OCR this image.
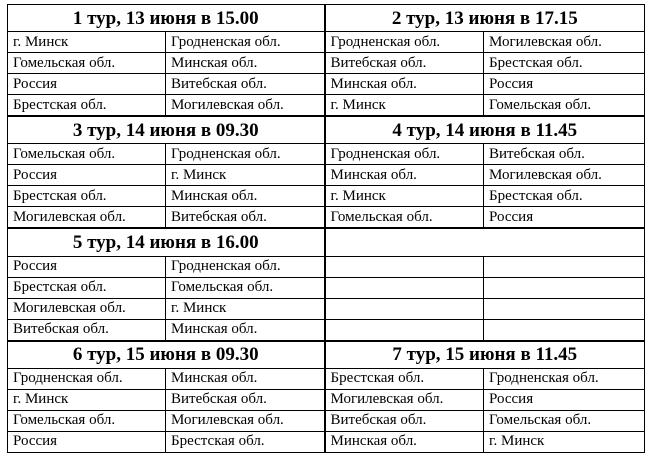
1 тур, 13 июня в 15.00		2 тур, 13 июня в 17.15	
г. Минск	Гродненская обл.	Гродненская обл.	Могилевская обл.
Гомельская обл.	Минская обл.	Витебская обл.	Брестская обл.
Россия	Витебская обл.	Минская обл.	Россия
Брестская обл.	Могилевская обл.	г. Минск	Гомельская обл.
3 тур, 14 июня в 09.30		4 тур, 14 июня в 11.45	
Гомельская обл.	Гродненская обл.	Гродненская обл.	Витебская обл.
Россия	г. Минск	Минская обл.	Могилевская обл.
Брестская обл.	Минская обл.	г. Минск	Брестская обл.
Могилевская обл.	Витебская обл.	Гомельская обл.	Россия
5 тур, 14 июня в 16.00			
Россия	Гродненская обл.		
Брестская обл.	Гомельская обл.		
Могилевская обл.	г. Минск		
Витебская обл.	Минская обл.		
6 тур, 15 июня в 09.30		7 тур, 15 июня в 11.45	
Гродненская обл.	Минская обл.	Брестская обл.	Гродненская обл.
г. Минск	Витебская обл.	Могилевская обл.	Россия
Гомельская обл.	Могилевская обл.	Витебская обл.	Гомельская обл.
Россия	Брестская обл.	Минская обл.	г. Минск
